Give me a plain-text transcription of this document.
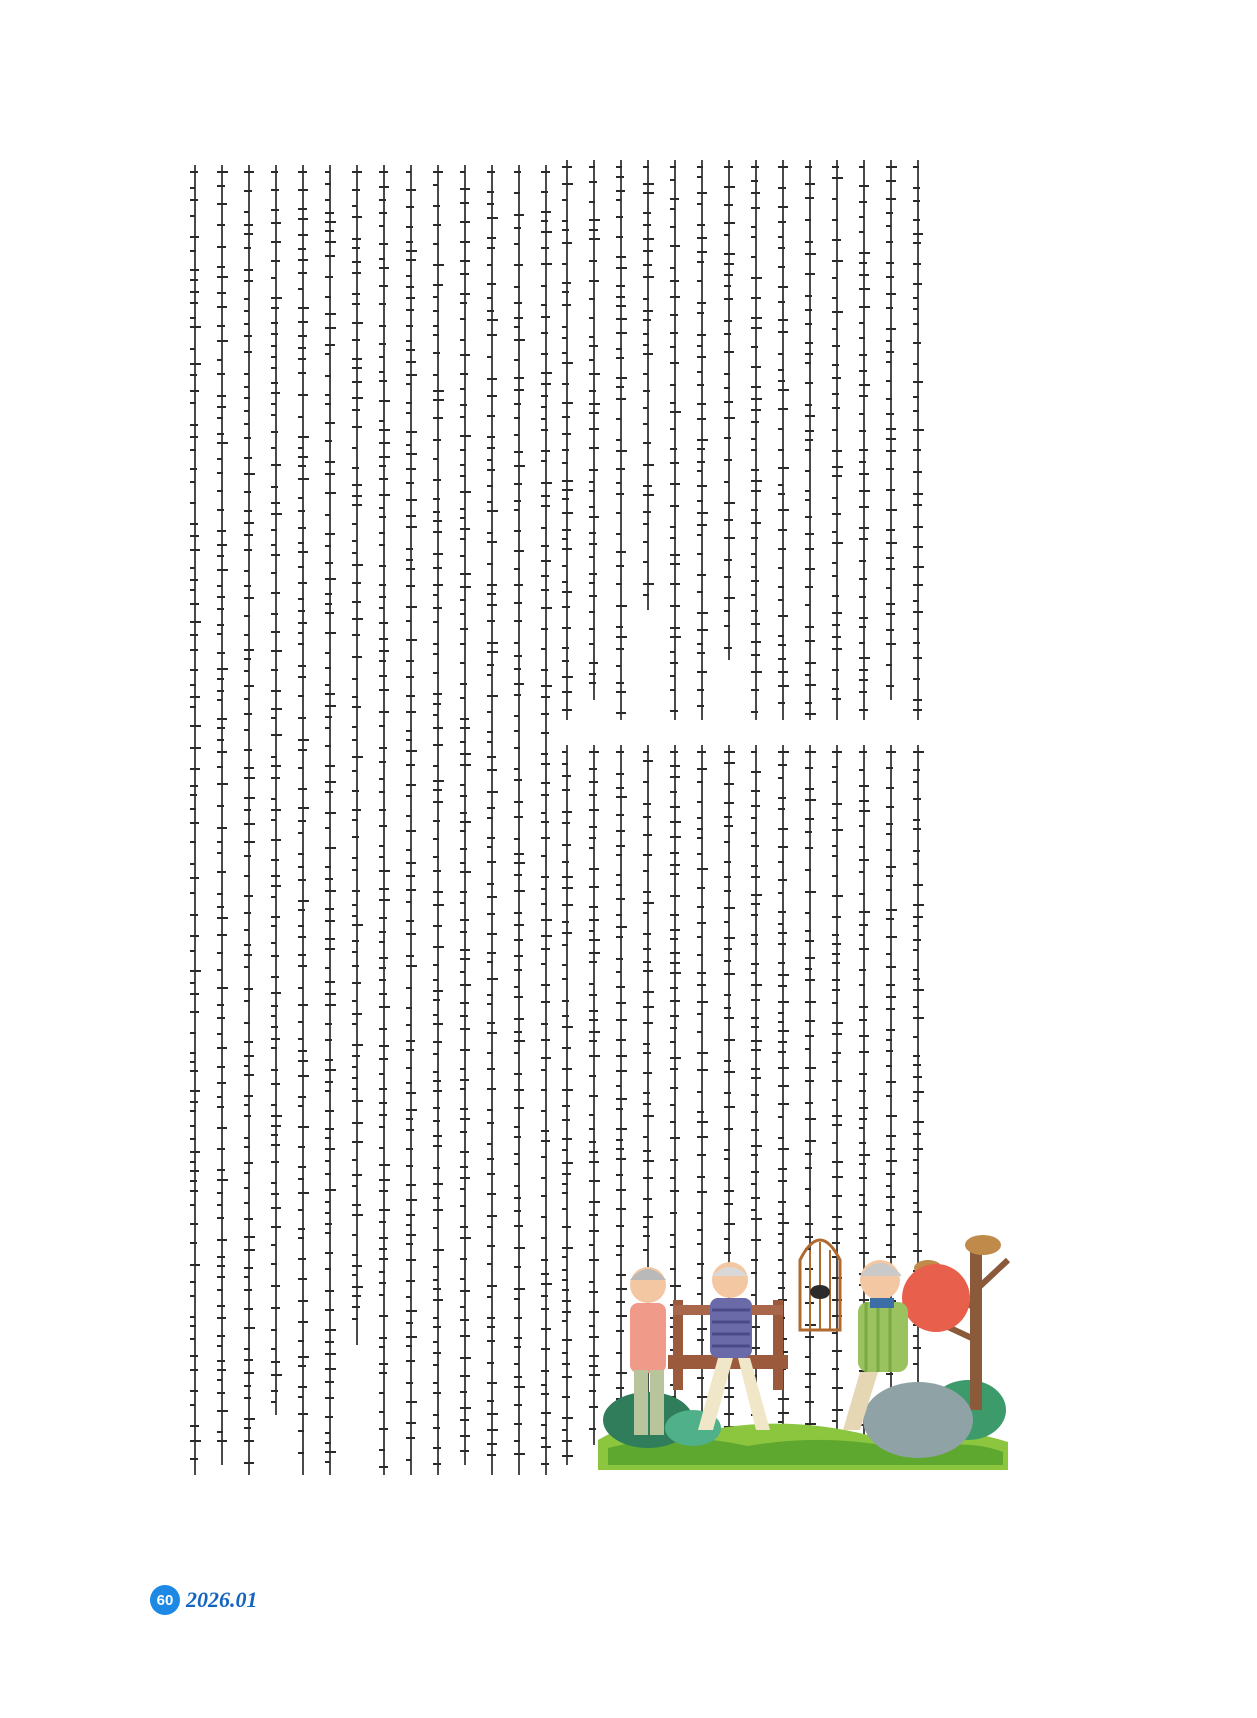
60 2026.01
